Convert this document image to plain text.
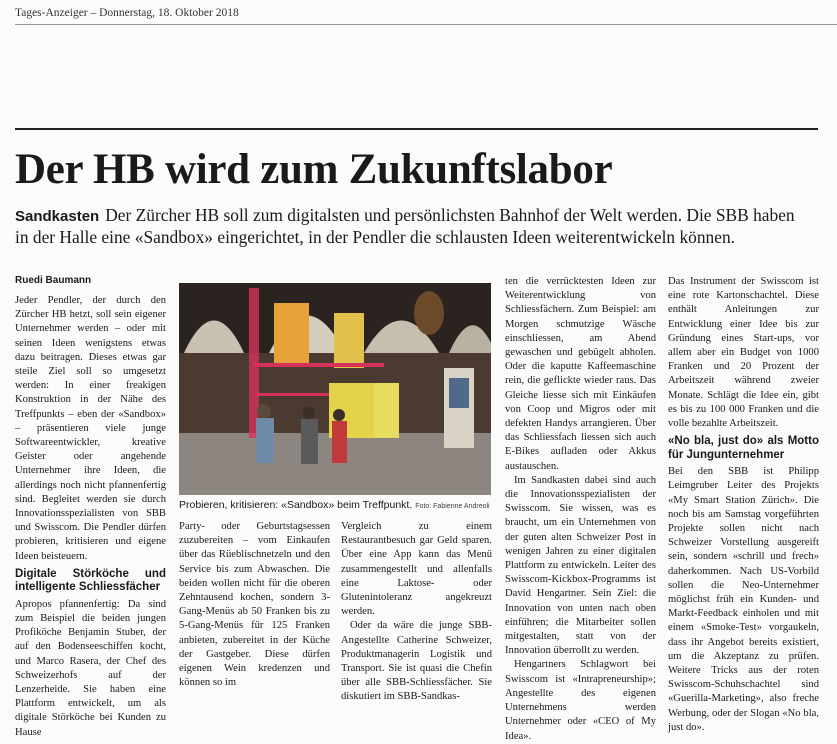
Tages-Anzeiger – Donnerstag, 18. Oktober 2018
Der HB wird zum Zukunftslabor
Sandkasten Der Zürcher HB soll zum digitalsten und persönlichsten Bahnhof der Welt werden. Die SBB haben in der Halle eine «Sandbox» eingerichtet, in der Pendler die schlausten Ideen weiterentwickeln können.
Ruedi Baumann

Jeder Pendler, der durch den Zürcher HB hetzt, soll sein eigener Unternehmer werden – oder mit seinen Ideen wenigstens etwas dazu beitragen. Dieses etwas gar steile Ziel soll so umgesetzt werden: In einer freakigen Konstruktion in der Nähe des Treffpunkts – eben der «Sandbox» – präsentieren viele junge Softwareentwickler, kreative Geister oder angehende Unternehmer ihre Ideen, die allerdings noch nicht pfannenfertig sind. Begleitet werden sie durch Innovationsspezialisten von SBB und Swisscom. Die Pendler dürfen probieren, kritisieren und eigene Ideen beisteuern.

Digitale Störköche und intelligente Schliessfächer

Apropos pfannenfertig: Da sind zum Beispiel die beiden jungen Profiköche Benjamin Stuber, der auf den Bodenseeschiffen kocht, und Marco Rasera, der Chef des Schweizerhofs auf der Lenzerheide. Sie haben eine Plattform entwickelt, um als digitale Störköche bei Kunden zu Hause

Probieren, kritisieren: «Sandbox» beim Treffpunkt. Foto: Fabienne Andreoli

Party- oder Geburtstagsessen zuzubereiten – vom Einkaufen über das Rüeblischnetzeln und den Service bis zum Abwaschen. Die beiden wollen nicht für die oberen Zehntausend kochen, sondern 3-Gang-Menüs ab 50 Franken bis zu 5-Gang-Menüs für 125 Franken anbieten, zubereitet in der Küche der Gastgeber. Diese dürfen eigenen Wein kredenzen und können so im

Vergleich zu einem Restaurantbesuch gar Geld sparen. Über eine App kann das Menü zusammengestellt und allenfalls eine Laktose- oder Glutenintoleranz angekreuzt werden.

Oder da wäre die junge SBB-Angestellte Catherine Schweizer, Produktmanagerin Logistik und Transport. Sie ist quasi die Chefin über alle SBB-Schliessfächer. Sie diskutiert im SBB-Sandkas-

ten die verrücktesten Ideen zur Weiterentwicklung von Schliessfächern. Zum Beispiel: am Morgen schmutzige Wäsche einschliessen, am Abend gewaschen und gebügelt abholen. Oder die kaputte Kaffeemaschine rein, die geflickte wieder raus. Das Gleiche liesse sich mit Einkäufen von Coop und Migros oder mit defekten Handys arrangieren. Über das Schliessfach liessen sich auch E-Bikes aufladen oder Akkus austauschen.

Im Sandkasten dabei sind auch die Innovationsspezialisten der Swisscom. Sie wissen, was es braucht, um ein Unternehmen von der guten alten Schweizer Post in wenigen Jahren zu einer digitalen Plattform zu entwickeln. Leiter des Swisscom-Kickbox-Programms ist David Hengartner. Sein Ziel: die Innovation von unten nach oben einführen; die Mitarbeiter sollen mitgestalten, statt von der Innovation überrollt zu werden.

Hengartners Schlagwort bei Swisscom ist «Intrapreneurship»; Angestellte des eigenen Unternehmens werden Unternehmer oder «CEO of My Idea».

Das Instrument der Swisscom ist eine rote Kartonschachtel. Diese enthält Anleitungen zur Entwicklung einer Idee bis zur Gründung eines Start-ups, vor allem aber ein Budget von 1000 Franken und 20 Prozent der Arbeitszeit während zweier Monate. Schlägt die Idee ein, gibt es bis zu 100 000 Franken und die volle bezahlte Arbeitszeit.

«No bla, just do» als Motto für Jungunternehmer

Bei den SBB ist Philipp Leimgruber Leiter des Projekts «My Smart Station Zürich». Die noch bis am Samstag vorgeführten Projekte sollen nicht nach Schweizer Vorstellung ausgereift sein, sondern «schrill und frech» daherkommen. Nach US-Vorbild sollen die Neo-Unternehmer möglichst früh ein Kunden- und Markt-Feedback einholen und mit einem «Smoke-Test» vorgaukeln, dass ihr Angebot bereits existiert, um die Akzeptanz zu prüfen. Weitere Tricks aus der roten Swisscom-Schuhschachtel sind «Guerilla-Marketing», also freche Werbung, oder der Slogan «No bla, just do».
